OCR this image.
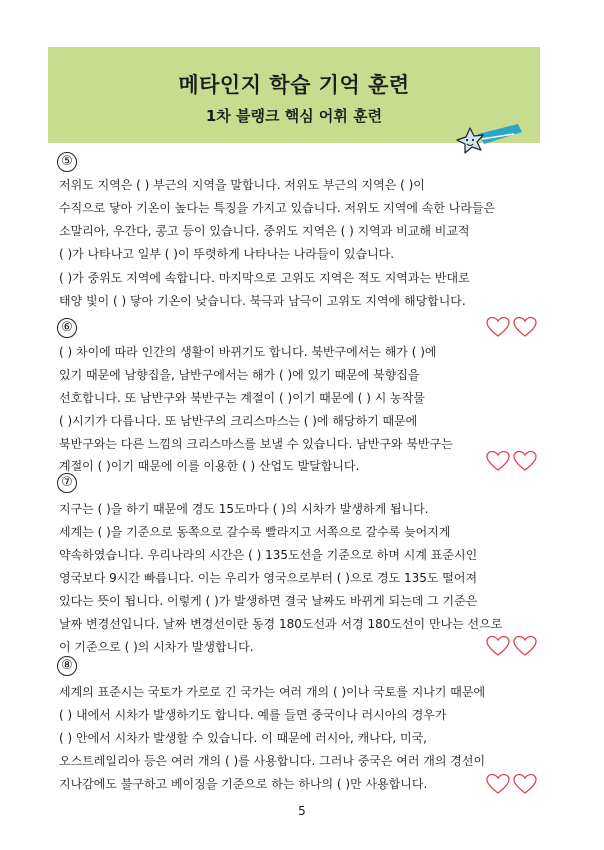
메타인지 학습 기억 훈련
1차 블랭크 핵심 어휘 훈련
⑤
저위도 지역은 ( ) 부근의 지역을 말합니다. 저위도 부근의 지역은 ( )이
수직으로 닿아 기온이 높다는 특징을 가지고 있습니다. 저위도 지역에 속한 나라들은
소말리아, 우간다, 콩고 등이 있습니다. 중위도 지역은 ( ) 지역과 비교해 비교적
( )가 나타나고 일부 ( )이 뚜렷하게 나타나는 나라들이 있습니다.
( )가 중위도 지역에 속합니다. 마지막으로 고위도 지역은 적도 지역과는 반대로
태양 빛이 ( ) 닿아 기온이 낮습니다. 북극과 남극이 고위도 지역에 해당합니다.
⑥
( ) 차이에 따라 인간의 생활이 바뀌기도 합니다. 북반구에서는 해가 ( )에
있기 때문에 남향집을, 남반구에서는 해가 ( )에 있기 때문에 북향집을
선호합니다. 또 남반구와 북반구는 계절이 ( )이기 때문에 ( ) 시 농작물
( )시기가 다릅니다. 또 남반구의 크리스마스는 ( )에 해당하기 때문에
북반구와는 다른 느낌의 크리스마스를 보낼 수 있습니다. 남반구와 북반구는
계절이 ( )이기 때문에 이를 이용한 ( ) 산업도 발달합니다.
⑦
지구는 ( )을 하기 때문에 경도 15도마다 ( )의 시차가 발생하게 됩니다.
세계는 ( )을 기준으로 동쪽으로 갈수록 빨라지고 서쪽으로 갈수록 늦어지게
약속하였습니다. 우리나라의 시간은 ( ) 135도선을 기준으로 하며 시계 표준시인
영국보다 9시간 빠릅니다. 이는 우리가 영국으로부터 ( )으로 경도 135도 떨어져
있다는 뜻이 됩니다. 이렇게 ( )가 발생하면 결국 날짜도 바뀌게 되는데 그 기준은
날짜 변경선입니다. 날짜 변경선이란 동경 180도선과 서경 180도선이 만나는 선으로
이 기준으로 ( )의 시차가 발생합니다.
⑧
세계의 표준시는 국토가 가로로 긴 국가는 여러 개의 ( )이나 국토를 지나기 때문에
( ) 내에서 시차가 발생하기도 합니다. 예를 들면 중국이나 러시아의 경우가
( ) 안에서 시차가 발생할 수 있습니다. 이 때문에 러시아, 캐나다, 미국,
오스트레일리아 등은 여러 개의 ( )를 사용합니다. 그러나 중국은 여러 개의 경선이
지나감에도 불구하고 베이징을 기준으로 하는 하나의 ( )만 사용합니다.
5
